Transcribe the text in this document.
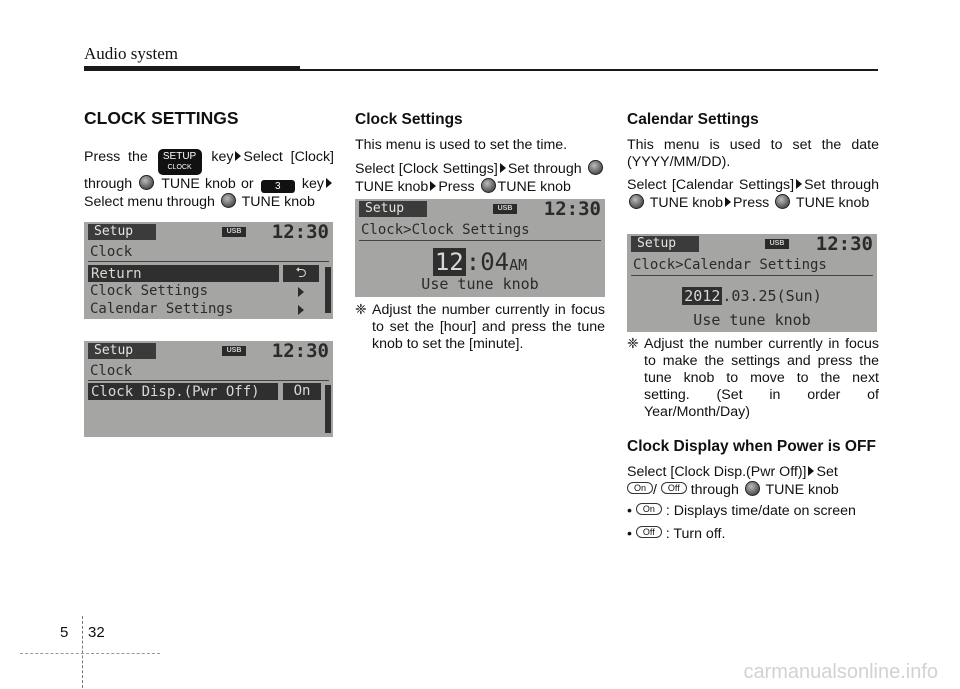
Audio system
CLOCK SETTINGS

Press the	SETUP
CLOCK
key Select [Clock] through TUNE knob or 3 key Select menu through TUNE knob

Setup	USB 12:30
Clock
Return	⮌
Clock Settings
Calendar Settings
Setup	USB 12:30
Clock
Clock Disp.(Pwr Off)	On
Clock Settings

This menu is used to set the time.

Select [Clock Settings] Set through TUNE knob Press TUNE knob

Setup	USB 12:30
Clock>Clock Settings
12:04AM
Use tune knob
❈ Adjust the number currently in focus to set the [hour] and press the tune knob to set the [minute].
Calendar Settings

This menu is used to set the date (YYYY/MM/DD).

Select [Calendar Settings] Set through  TUNE knob Press TUNE knob

Setup	USB 12:30
Clock>Calendar Settings
2012 .03.25(Sun)
Use tune knob
❈ Adjust the number currently in focus to make the settings and press the tune knob to move to the next setting. (Set in order of Year/Month/Day)
Clock Display when Power is OFF

Select [Clock Disp.(Pwr Off)] Set
On / Off through TUNE knob

• On : Displays time/date on screen

• Off : Turn off.

5 32
carmanualsonline.info
